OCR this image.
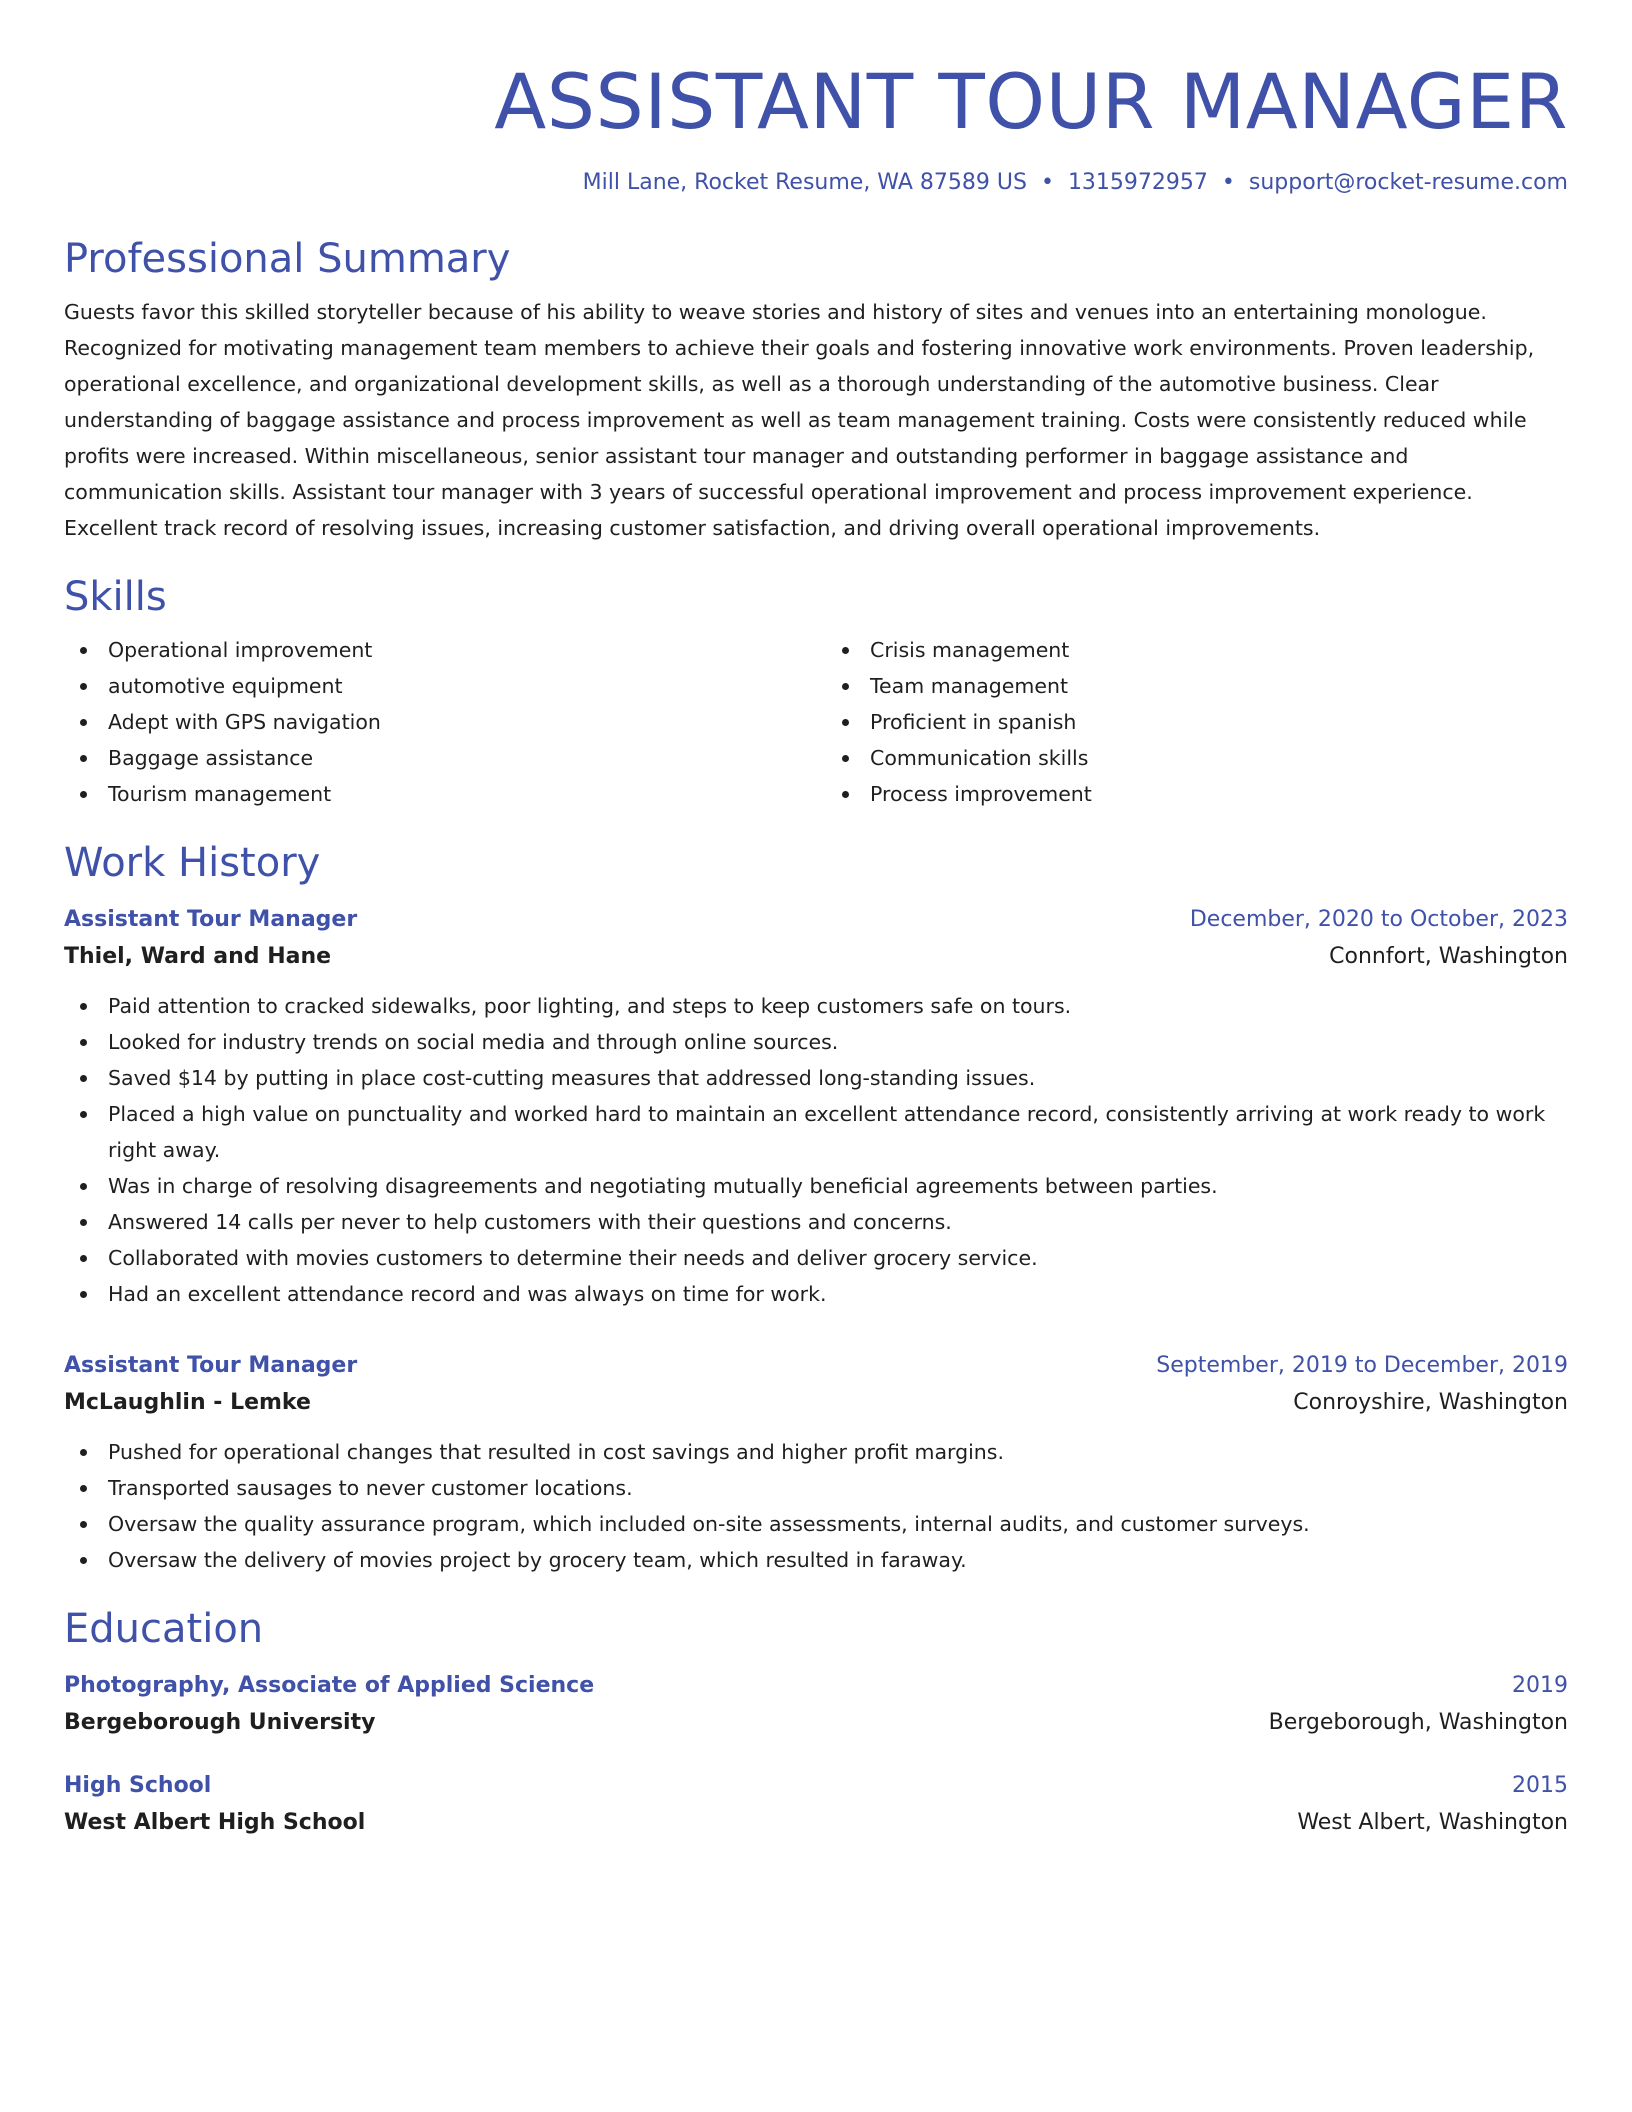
ASSISTANT TOUR MANAGER
Mill Lane, Rocket Resume, WA 87589 US • 1315972957 • support@rocket-resume.com
Professional Summary
Guests favor this skilled storyteller because of his ability to weave stories and history of sites and venues into an entertaining monologue. Recognized for motivating management team members to achieve their goals and fostering innovative work environments. Proven leadership, operational excellence, and organizational development skills, as well as a thorough understanding of the automotive business. Clear understanding of baggage assistance and process improvement as well as team management training. Costs were consistently reduced while profits were increased. Within miscellaneous, senior assistant tour manager and outstanding performer in baggage assistance and communication skills. Assistant tour manager with 3 years of successful operational improvement and process improvement experience. Excellent track record of resolving issues, increasing customer satisfaction, and driving overall operational improvements.
Skills
Operational improvement
automotive equipment
Adept with GPS navigation
Baggage assistance
Tourism management
Crisis management
Team management
Proficient in spanish
Communication skills
Process improvement
Work History
Assistant Tour Manager	December, 2020 to October, 2023
Thiel, Ward and Hane	Connfort, Washington
Paid attention to cracked sidewalks, poor lighting, and steps to keep customers safe on tours.
Looked for industry trends on social media and through online sources.
Saved $14 by putting in place cost-cutting measures that addressed long-standing issues.
Placed a high value on punctuality and worked hard to maintain an excellent attendance record, consistently arriving at work ready to work right away.
Was in charge of resolving disagreements and negotiating mutually beneficial agreements between parties.
Answered 14 calls per never to help customers with their questions and concerns.
Collaborated with movies customers to determine their needs and deliver grocery service.
Had an excellent attendance record and was always on time for work.
Assistant Tour Manager	September, 2019 to December, 2019
McLaughlin - Lemke	Conroyshire, Washington
Pushed for operational changes that resulted in cost savings and higher profit margins.
Transported sausages to never customer locations.
Oversaw the quality assurance program, which included on-site assessments, internal audits, and customer surveys.
Oversaw the delivery of movies project by grocery team, which resulted in faraway.
Education
Photography, Associate of Applied Science	2019
Bergeborough University	Bergeborough, Washington
High School	2015
West Albert High School	West Albert, Washington
